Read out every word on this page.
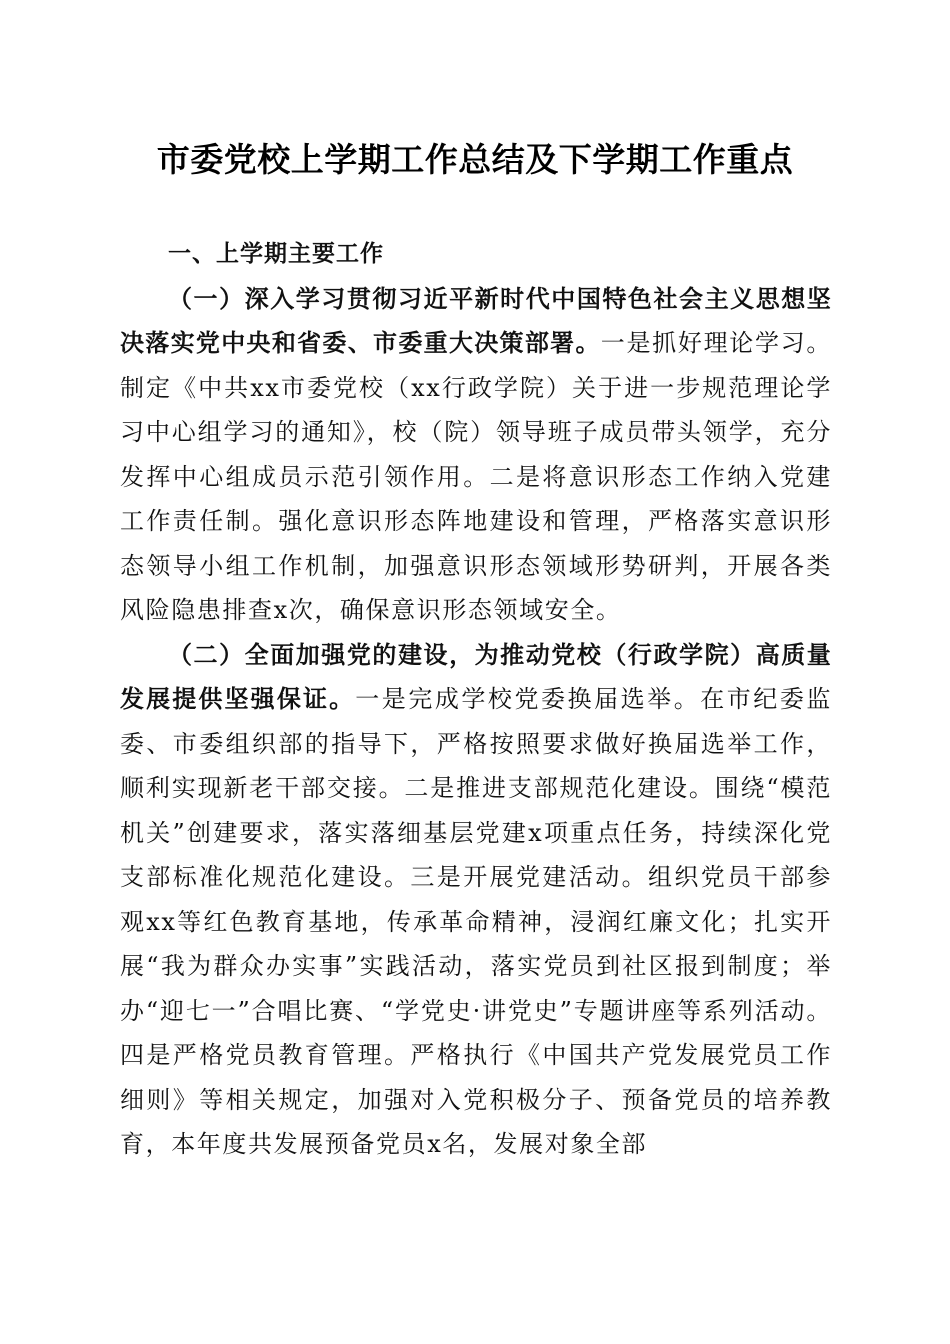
市委党校上学期工作总结及下学期工作重点
一、上学期主要工作

（一）深入学习贯彻习近平新时代中国特色社会主义思想坚决落实党中央和省委、市委重大决策部署。一是抓好理论学习。制定《中共xx市委党校（xx行政学院）关于进一步规范理论学习中心组学习的通知》，校（院）领导班子成员带头领学，充分发挥中心组成员示范引领作用。二是将意识形态工作纳入党建工作责任制。强化意识形态阵地建设和管理，严格落实意识形态领导小组工作机制，加强意识形态领域形势研判，开展各类风险隐患排查x次，确保意识形态领域安全。

（二）全面加强党的建设，为推动党校（行政学院）高质量发展提供坚强保证。一是完成学校党委换届选举。在市纪委监委、市委组织部的指导下，严格按照要求做好换届选举工作，顺利实现新老干部交接。二是推进支部规范化建设。围绕“模范机关”创建要求，落实落细基层党建x项重点任务，持续深化党支部标准化规范化建设。三是开展党建活动。组织党员干部参观xx等红色教育基地，传承革命精神，浸润红廉文化；扎实开展“我为群众办实事”实践活动，落实党员到社区报到制度；举办“迎七一”合唱比赛、“学党史·讲党史”专题讲座等系列活动。四是严格党员教育管理。严格执行《中国共产党发展党员工作细则》等相关规定，加强对入党积极分子、预备党员的培养教育，本年度共发展预备党员x名，发展对象全部
